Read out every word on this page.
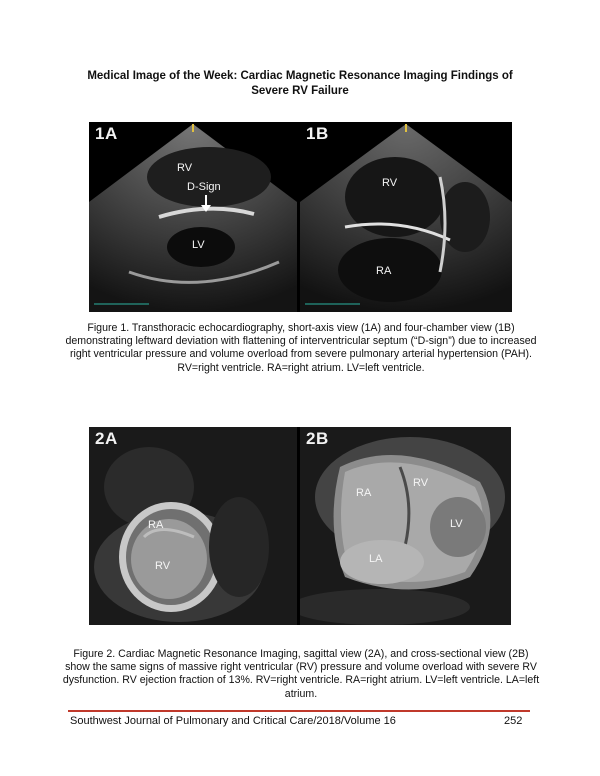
Medical Image of the Week: Cardiac Magnetic Resonance Imaging Findings of Severe RV Failure
1A
RV
D-Sign
LV
1B
RV
RA
Figure 1. Transthoracic echocardiography, short-axis view (1A) and four-chamber view (1B) demonstrating leftward deviation with flattening of interventricular septum (“D-sign”) due to increased right ventricular pressure and volume overload from severe pulmonary arterial hypertension (PAH). RV=right ventricle. RA=right atrium. LV=left ventricle.
2A
RA
RV
2B
RA
RV
LV
LA
Figure 2. Cardiac Magnetic Resonance Imaging, sagittal view (2A), and cross-sectional view (2B) show the same signs of massive right ventricular (RV) pressure and volume overload with severe RV dysfunction. RV ejection fraction of 13%. RV=right ventricle. RA=right atrium. LV=left ventricle. LA=left atrium.
Southwest Journal of Pulmonary and Critical Care/2018/Volume 16	252
